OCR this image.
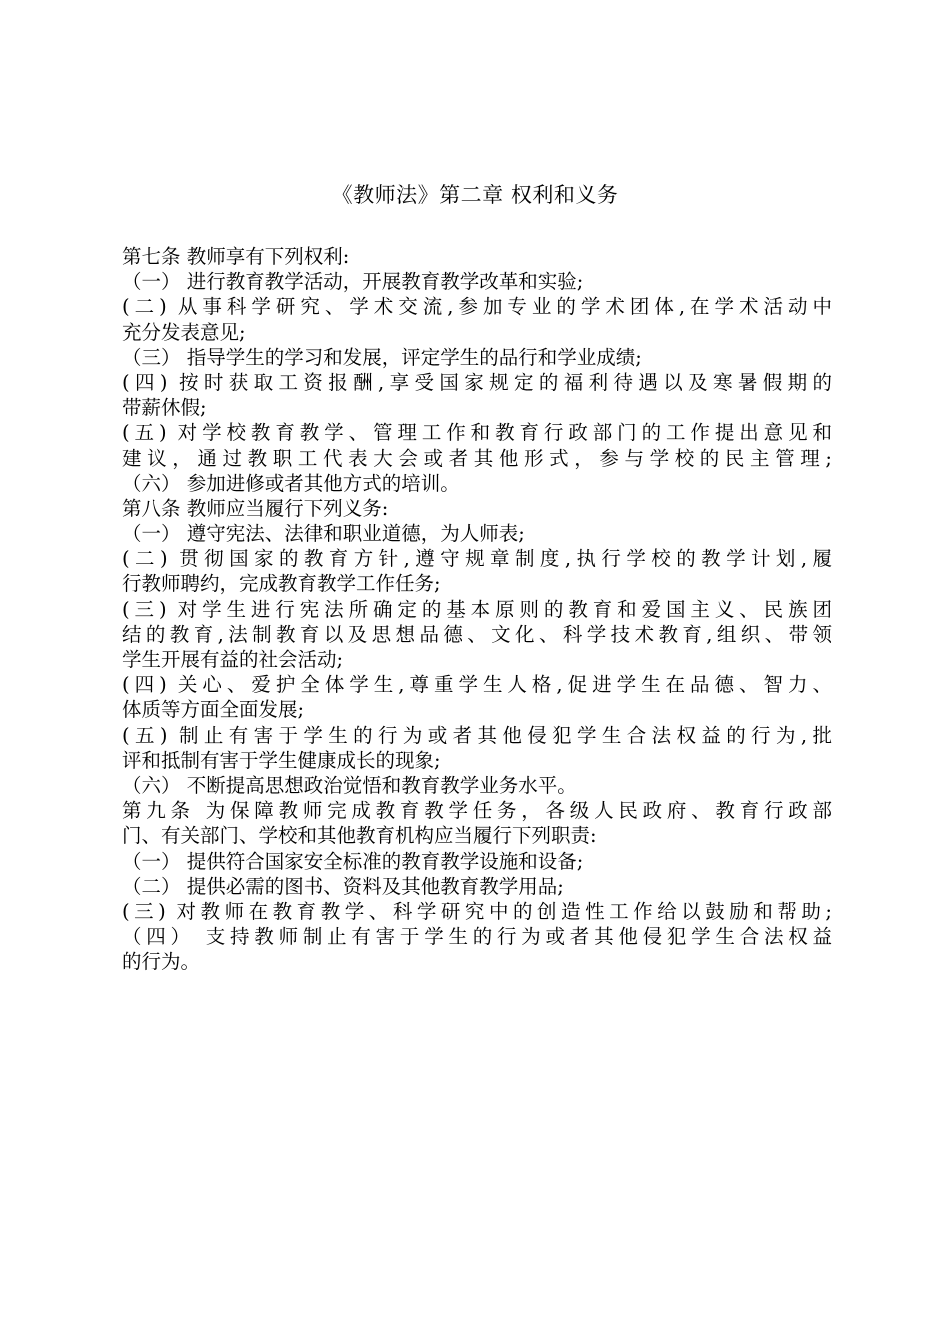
《教师法》第二章 权利和义务
第七条 教师享有下列权利:
（一） 进行教育教学活动，开展教育教学改革和实验;
(二) 从事科学研究、学术交流,参加专业的学术团体,在学术活动中
充分发表意见;
（三） 指导学生的学习和发展，评定学生的品行和学业成绩;
(四) 按时获取工资报酬,享受国家规定的福利待遇以及寒暑假期的
带薪休假;
(五) 对学校教育教学、管理工作和教育行政部门的工作提出意见和
建议，通过教职工代表大会或者其他形式，参与学校的民主管理;
（六） 参加进修或者其他方式的培训。
第八条 教师应当履行下列义务:
（一） 遵守宪法、法律和职业道德，为人师表;
(二) 贯彻国家的教育方针,遵守规章制度,执行学校的教学计划,履
行教师聘约，完成教育教学工作任务;
(三) 对学生进行宪法所确定的基本原则的教育和爱国主义、民族团
结的教育,法制教育以及思想品德、文化、科学技术教育,组织、带领
学生开展有益的社会活动;
(四) 关心、爱护全体学生,尊重学生人格,促进学生在品德、智力、
体质等方面全面发展;
(五) 制止有害于学生的行为或者其他侵犯学生合法权益的行为,批
评和抵制有害于学生健康成长的现象;
（六） 不断提高思想政治觉悟和教育教学业务水平。
第九条 为保障教师完成教育教学任务，各级人民政府、教育行政部
门、有关部门、学校和其他教育机构应当履行下列职责:
（一） 提供符合国家安全标准的教育教学设施和设备;
（二） 提供必需的图书、资料及其他教育教学用品;
(三) 对教师在教育教学、科学研究中的创造性工作给以鼓励和帮助;
（四） 支持教师制止有害于学生的行为或者其他侵犯学生合法权益
的行为。
